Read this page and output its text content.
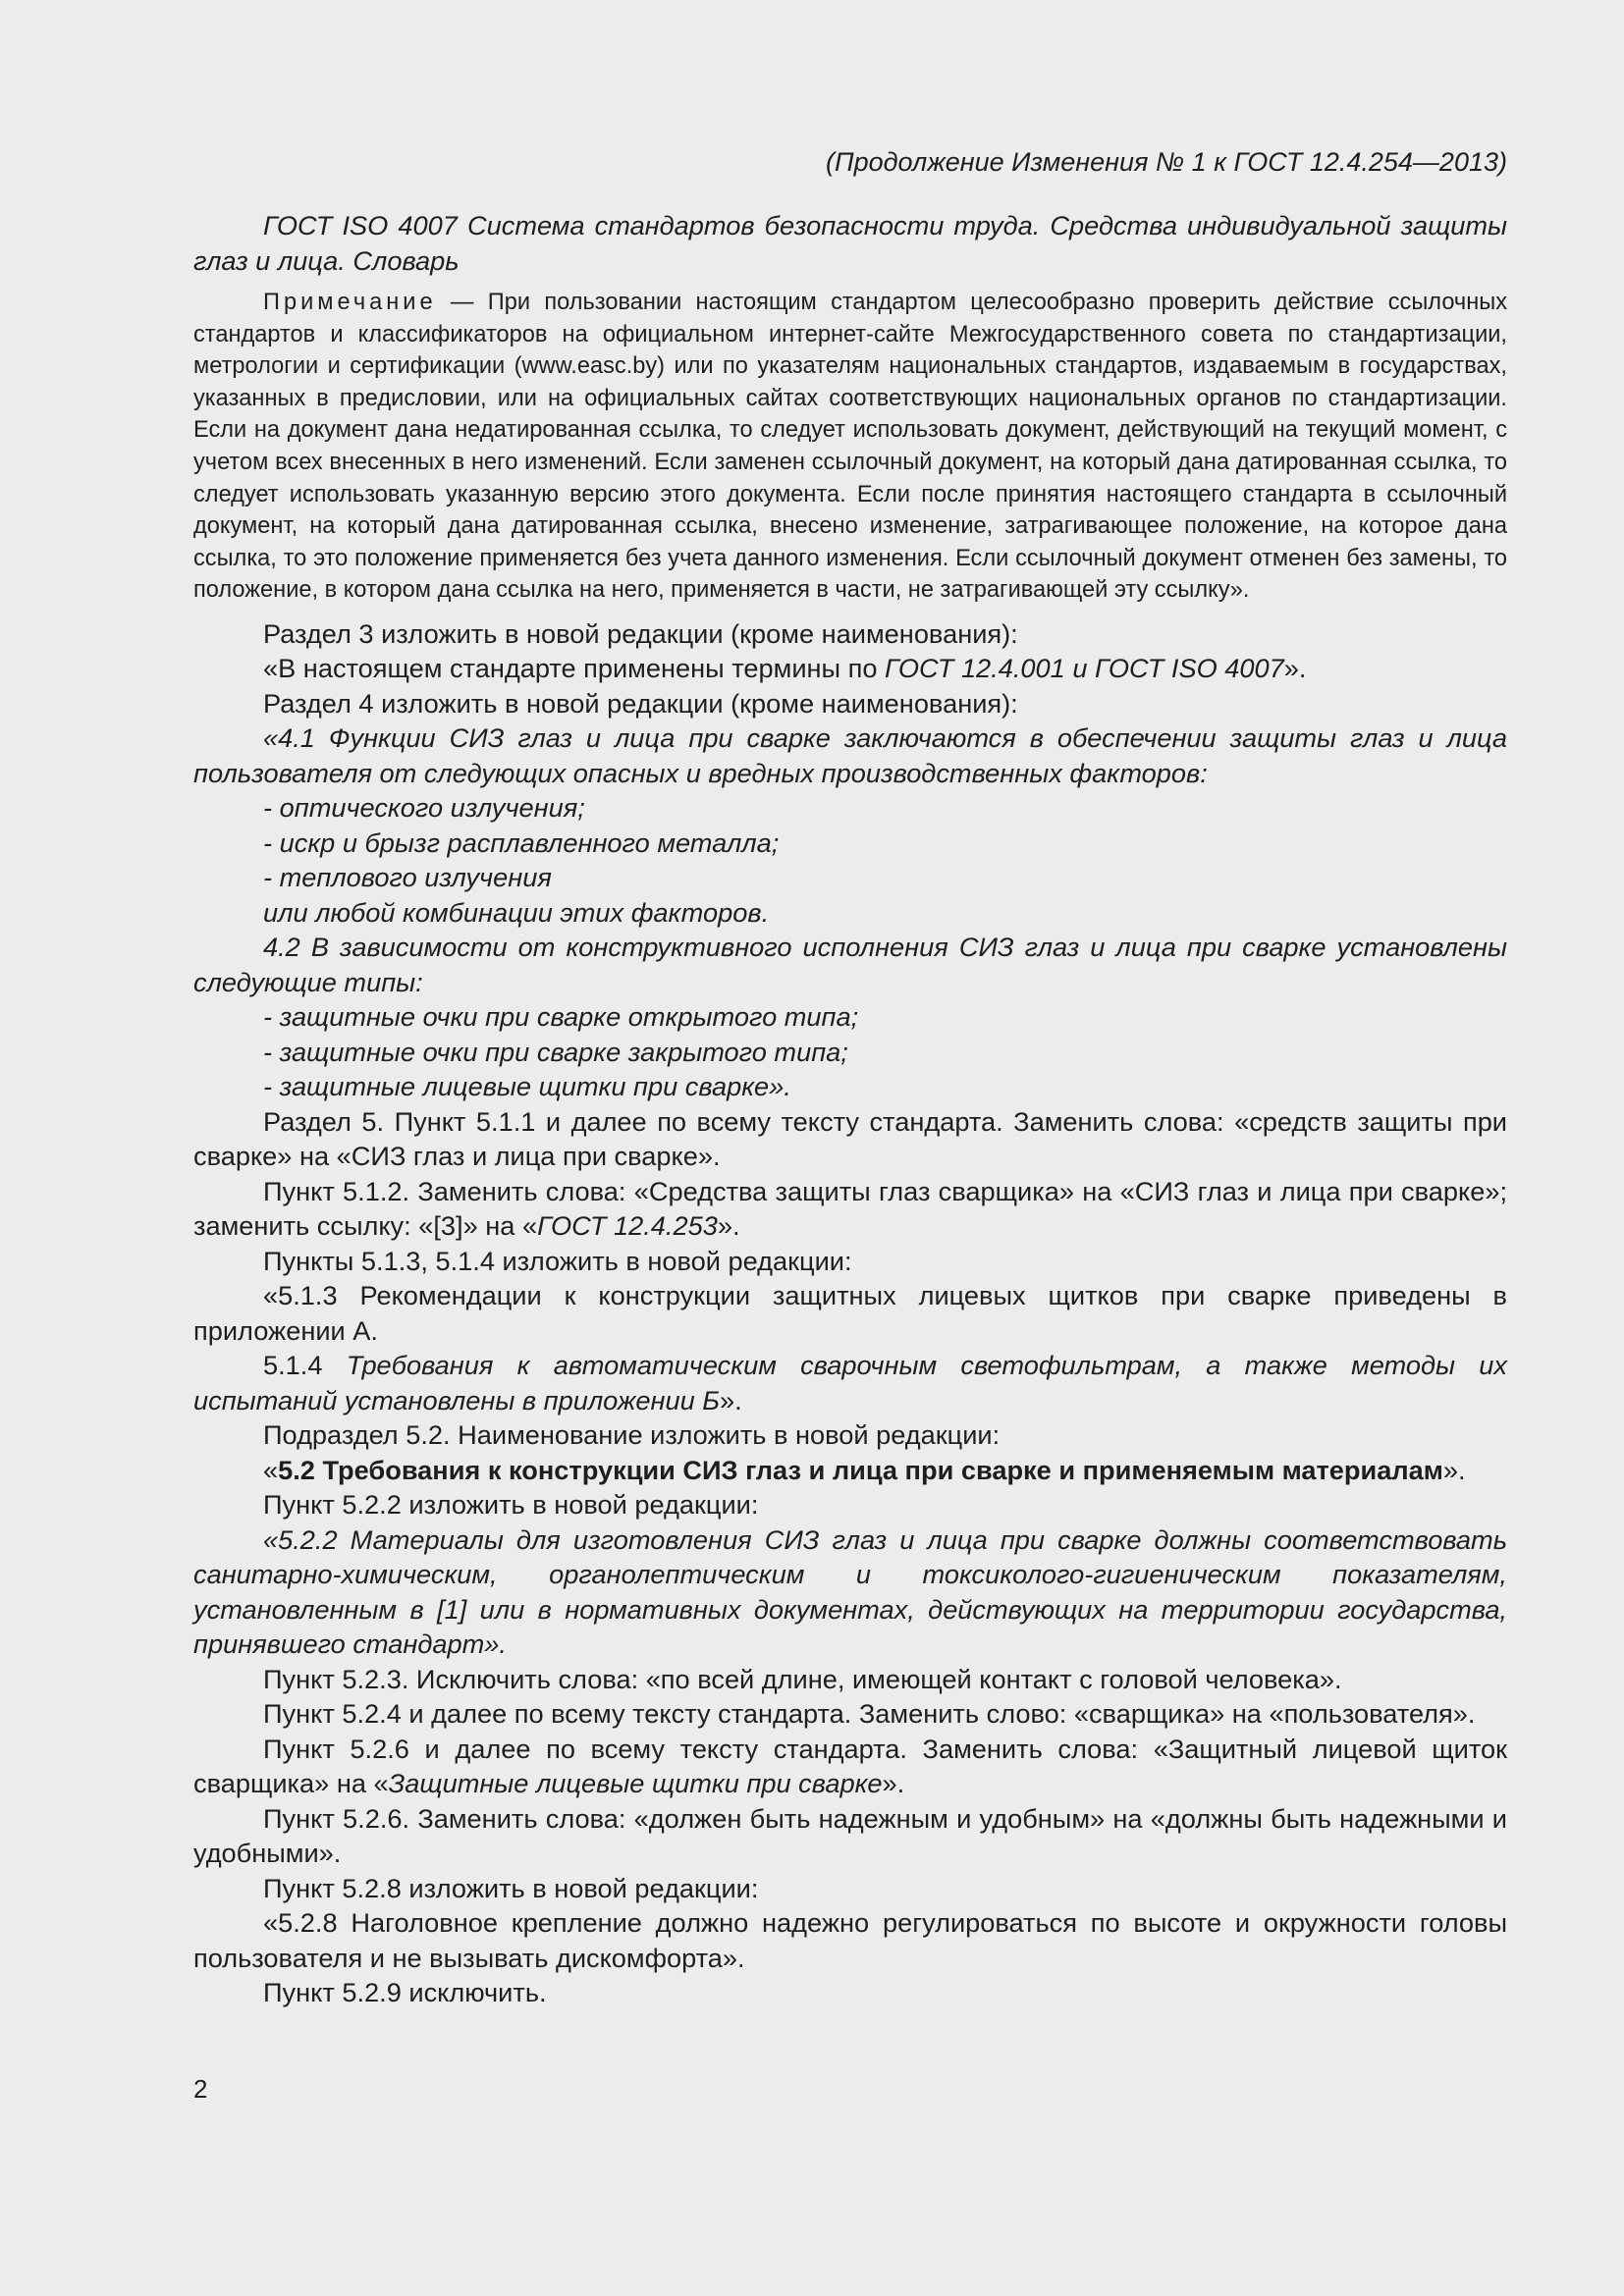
(Продолжение Изменения № 1 к ГОСТ 12.4.254—2013)

ГОСТ ISO 4007 Система стандартов безопасности труда. Средства индивидуальной защиты глаз и лица. Словарь

Примечание — При пользовании настоящим стандартом целесообразно проверить действие ссылочных стандартов и классификаторов на официальном интернет-сайте Межгосударственного совета по стандартизации, метрологии и сертификации (www.easc.by) или по указателям национальных стандартов, издаваемым в государствах, указанных в предисловии, или на официальных сайтах соответствующих национальных органов по стандартизации. Если на документ дана недатированная ссылка, то следует использовать документ, действующий на текущий момент, с учетом всех внесенных в него изменений. Если заменен ссылочный документ, на который дана датированная ссылка, то следует использовать указанную версию этого документа. Если после принятия настоящего стандарта в ссылочный документ, на который дана датированная ссылка, внесено изменение, затрагивающее положение, на которое дана ссылка, то это положение применяется без учета данного изменения. Если ссылочный документ отменен без замены, то положение, в котором дана ссылка на него, применяется в части, не затрагивающей эту ссылку».

Раздел 3 изложить в новой редакции (кроме наименования):

«В настоящем стандарте применены термины по ГОСТ 12.4.001 и ГОСТ ISO 4007».

Раздел 4 изложить в новой редакции (кроме наименования):

«4.1 Функции СИЗ глаз и лица при сварке заключаются в обеспечении защиты глаз и лица пользователя от следующих опасных и вредных производственных факторов:

- оптического излучения;

- искр и брызг расплавленного металла;

- теплового излучения

или любой комбинации этих факторов.

4.2 В зависимости от конструктивного исполнения СИЗ глаз и лица при сварке установлены следующие типы:

- защитные очки при сварке открытого типа;

- защитные очки при сварке закрытого типа;

- защитные лицевые щитки при сварке».

Раздел 5. Пункт 5.1.1 и далее по всему тексту стандарта. Заменить слова: «средств защиты при сварке» на «СИЗ глаз и лица при сварке».

Пункт 5.1.2. Заменить слова: «Средства защиты глаз сварщика» на «СИЗ глаз и лица при сварке»; заменить ссылку: «[3]» на «ГОСТ 12.4.253».

Пункты 5.1.3, 5.1.4 изложить в новой редакции:

«5.1.3 Рекомендации к конструкции защитных лицевых щитков при сварке приведены в приложении А.

5.1.4 Требования к автоматическим сварочным светофильтрам, а также методы их испытаний установлены в приложении Б».

Подраздел 5.2. Наименование изложить в новой редакции:

«5.2 Требования к конструкции СИЗ глаз и лица при сварке и применяемым материалам».

Пункт 5.2.2 изложить в новой редакции:

«5.2.2 Материалы для изготовления СИЗ глаз и лица при сварке должны соответствовать санитарно-химическим, органолептическим и токсиколого-гигиеническим показателям, установленным в [1] или в нормативных документах, действующих на территории государства, принявшего стандарт».

Пункт 5.2.3. Исключить слова: «по всей длине, имеющей контакт с головой человека».

Пункт 5.2.4 и далее по всему тексту стандарта. Заменить слово: «сварщика» на «пользователя».

Пункт 5.2.6 и далее по всему тексту стандарта. Заменить слова: «Защитный лицевой щиток сварщика» на «Защитные лицевые щитки при сварке».

Пункт 5.2.6. Заменить слова: «должен быть надежным и удобным» на «должны быть надежными и удобными».

Пункт 5.2.8 изложить в новой редакции:

«5.2.8 Наголовное крепление должно надежно регулироваться по высоте и окружности головы пользователя и не вызывать дискомфорта».

Пункт 5.2.9 исключить.

2
